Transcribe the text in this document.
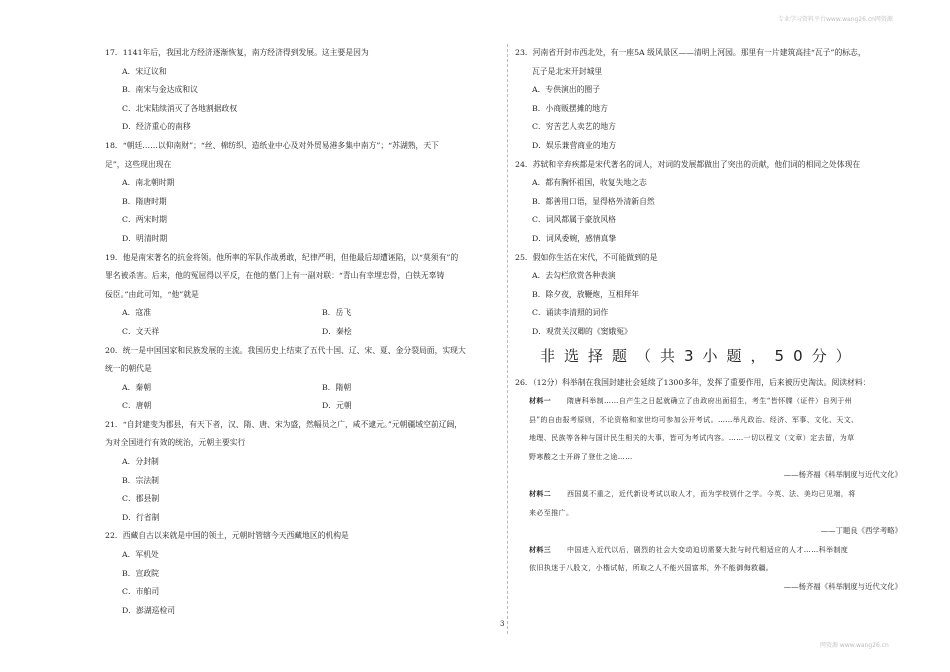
专业学习资料平台www.wang26.cn网资源
网资源 www.wang26.cn
17．1141年后，我国北方经济逐渐恢复，南方经济得到发展。这主要是因为
A．宋辽议和
B．南宋与金达成和议
C．北宋陆续消灭了各地割据政权
D．经济重心的南移
18．“朝廷……以仰南财”；“丝、棉纺织、造纸业中心及对外贸易港多集中南方”；“苏湖熟，天下
足”，这些现出现在
A．南北朝时期
B．隋唐时期
C．两宋时期
D．明清时期
19．他是南宋著名的抗金将领。他所率的军队作战勇敢，纪律严明，但他最后却遭诬陷，以“莫须有”的
罪名被杀害。后来，他的冤屈得以平反，在他的墓门上有一副对联：“青山有幸埋忠骨，白铁无辜铸
佞臣。”由此可知，“他”就是
A．寇准	B．岳飞
C．文天祥	D．秦桧
20．统一是中国国家和民族发展的主流。我国历史上结束了五代十国、辽、宋、夏、金分裂局面，实现大
统一的朝代是
A．秦朝	B．隋朝
C．唐朝	D．元朝
21．“自封建变为郡县，有天下者，汉、隋、唐、宋为盛，然幅员之广，咸不逮元。”元朝疆域空前辽阔，
为对全国进行有效的统治，元朝主要实行
A．分封制
B．宗法制
C．郡县制
D．行省制
22．西藏自古以来就是中国的领土，元朝时管辖今天西藏地区的机构是
A．军机处
B．宣政院
C．市舶司
D．澎湖巡检司
23．河南省开封市西北处，有一座5A 级风景区——清明上河园。那里有一片建筑高挂“瓦子”的标志，
瓦子是北宋开封城里
A．专供演出的圈子
B．小商贩摆摊的地方
C．穷苦艺人卖艺的地方
D．娱乐兼营商业的地方
24．苏轼和辛弃疾都是宋代著名的词人，对词的发展都做出了突出的贡献，他们词的相同之处体现在
A．都有胸怀祖国，收复失地之志
B．都善用口语，显得格外清新自然
C．词风都属于豪放风格
D．词风委婉，感情真挚
25．假如你生活在宋代，不可能做到的是
A．去勾栏欣赏各种表演
B．除夕夜，放鞭炮，互相拜年
C．诵读李清照的词作
D．观赏关汉卿的《窦娥冤》
非选择题（共3小题，50分）
26．（12分）科举制在我国封建社会延续了1300多年，发挥了重要作用，后来被历史淘汰。阅读材料：
材料一 隋唐科举制……自产生之日起就确立了由政府出面招生，考生“皆怀牒（证件）自列于州
县”的自由报考原则，不论资格和家世均可参加公开考试。……举凡政治、经济、军事、文化、天文、
地理、民族等各种与国计民生相关的大事，皆可为考试内容。……一切以程文（文章）定去留，为草
野寒酸之士开辟了登仕之途……
——杨齐福《科举制度与近代文化》
材料二 西国莫不重之，近代新设考试以取人才，而为学校别什之学。今英、法、美均已见端，将
来必至推广。
——丁题良《西学考略》
材料三 中国进入近代以后，剧烈的社会大变动迫切需要大批与时代相适应的人才……科举制度
依旧执迷于八股文，小楷试帖，所取之人不能兴国富邦，外不能御侮救疆。
——杨齐福《科举制度与近代文化》
3
